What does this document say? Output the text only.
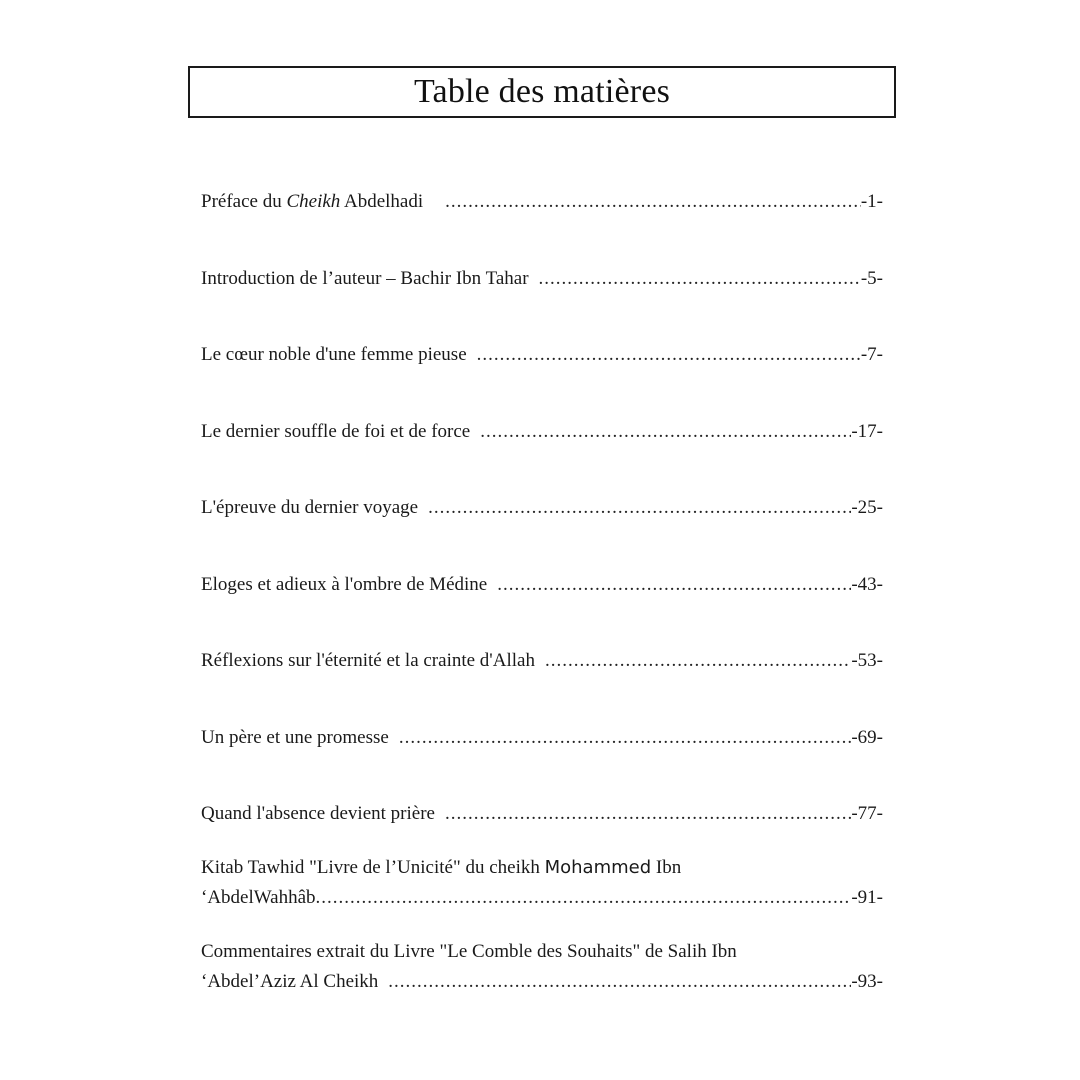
Table des matières
Préface du Cheikh Abdelhadi .....	-1-
Introduction de l’auteur – Bachir Ibn Tahar .....	-5-
Le cœur noble d'une femme pieuse .....	-7-
Le dernier souffle de foi et de force .....	-17-
L'épreuve du dernier voyage .....	-25-
Eloges et adieux à l'ombre de Médine .....	-43-
Réflexions sur l'éternité et la crainte d'Allah .....	-53-
Un père et une promesse .....	-69-
Quand l'absence devient prière .....	-77-
Kitab Tawhid "Livre de l’Unicité" du cheikh Mohammed Ibn
‘AbdelWahhâb .....	-91-
Commentaires extrait du Livre "Le Comble des Souhaits" de Salih Ibn
‘Abdel’Aziz Al Cheikh .....	-93-
